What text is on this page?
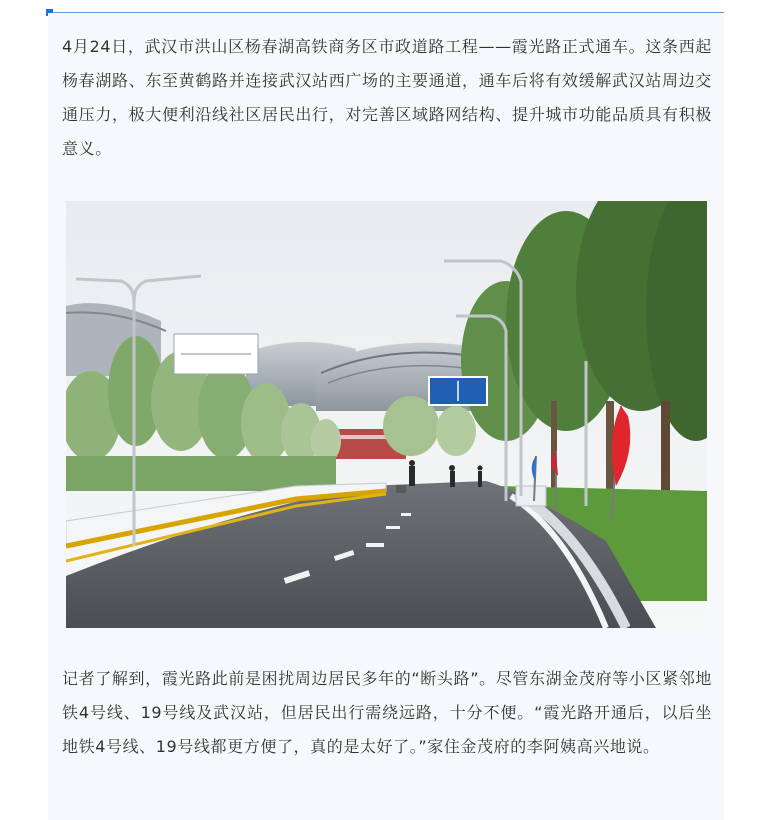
4月24日，武汉市洪山区杨春湖高铁商务区市政道路工程——霞光路正式通车。这条西起杨春湖路、东至黄鹤路并连接武汉站西广场的主要通道，通车后将有效缓解武汉站周边交通压力，极大便利沿线社区居民出行，对完善区域路网结构、提升城市功能品质具有积极意义。

记者了解到，霞光路此前是困扰周边居民多年的“断头路”。尽管东湖金茂府等小区紧邻地铁4号线、19号线及武汉站，但居民出行需绕远路，十分不便。“霞光路开通后，以后坐地铁4号线、19号线都更方便了，真的是太好了。”家住金茂府的李阿姨高兴地说。
